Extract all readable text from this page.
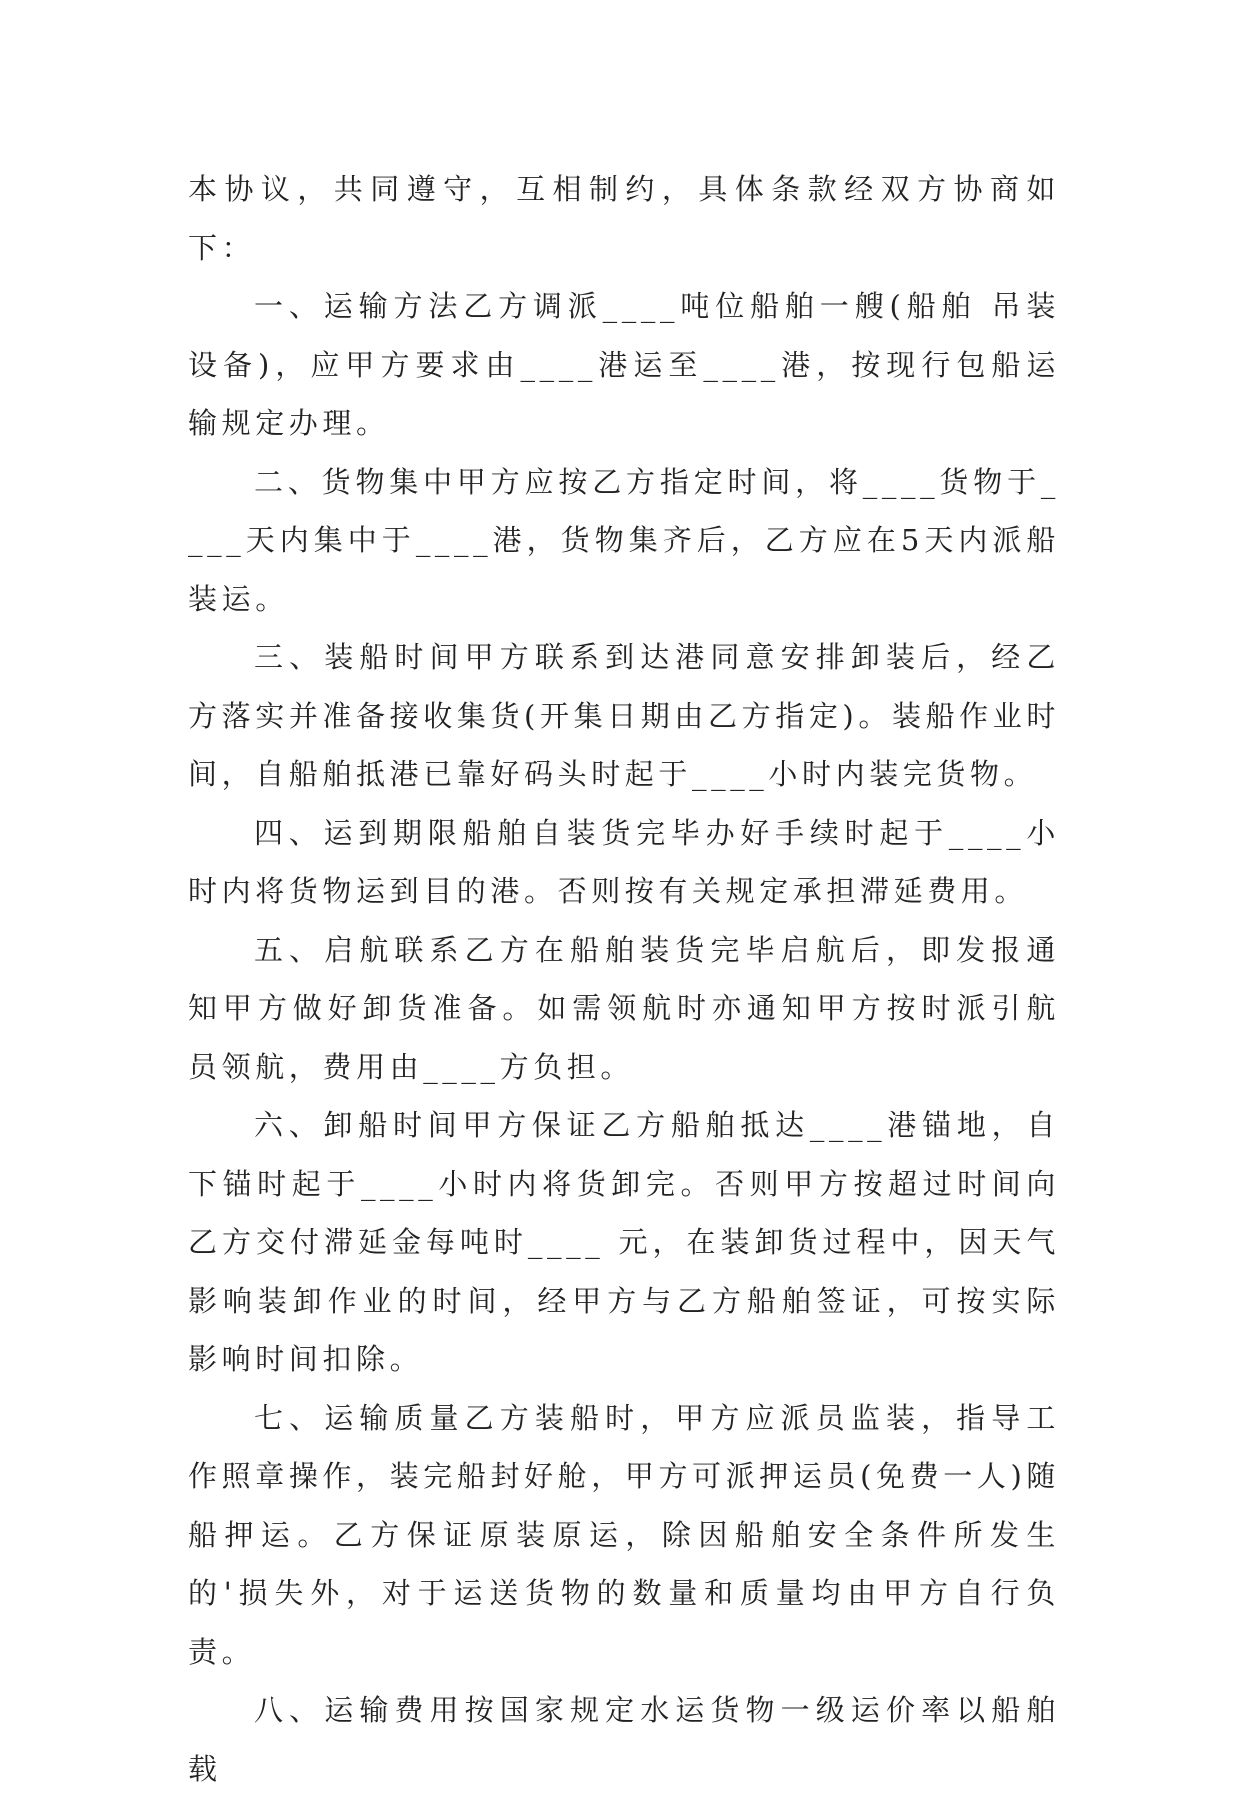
本协议，共同遵守，互相制约，具体条款经双方协商如下：

一、运输方法乙方调派____吨位船舶一艘(船舶 吊装设备)，应甲方要求由____港运至____港，按现行包船运输规定办理。

二、货物集中甲方应按乙方指定时间，将____货物于____天内集中于____港，货物集齐后，乙方应在5天内派船装运。

三、装船时间甲方联系到达港同意安排卸装后，经乙方落实并准备接收集货(开集日期由乙方指定)。装船作业时间，自船舶抵港已靠好码头时起于____小时内装完货物。

四、运到期限船舶自装货完毕办好手续时起于____小时内将货物运到目的港。否则按有关规定承担滞延费用。

五、启航联系乙方在船舶装货完毕启航后，即发报通知甲方做好卸货准备。如需领航时亦通知甲方按时派引航员领航，费用由____方负担。

六、卸船时间甲方保证乙方船舶抵达____港锚地，自下锚时起于____小时内将货卸完。否则甲方按超过时间向乙方交付滞延金每吨时____ 元，在装卸货过程中，因天气影响装卸作业的时间，经甲方与乙方船舶签证，可按实际影响时间扣除。

七、运输质量乙方装船时，甲方应派员监装，指导工作照章操作，装完船封好舱，甲方可派押运员(免费一人)随船押运。乙方保证原装原运，除因船舶安全条件所发生的'损失外，对于运送货物的数量和质量均由甲方自行负责。

八、运输费用按国家规定水运货物一级运价率以船舶载
